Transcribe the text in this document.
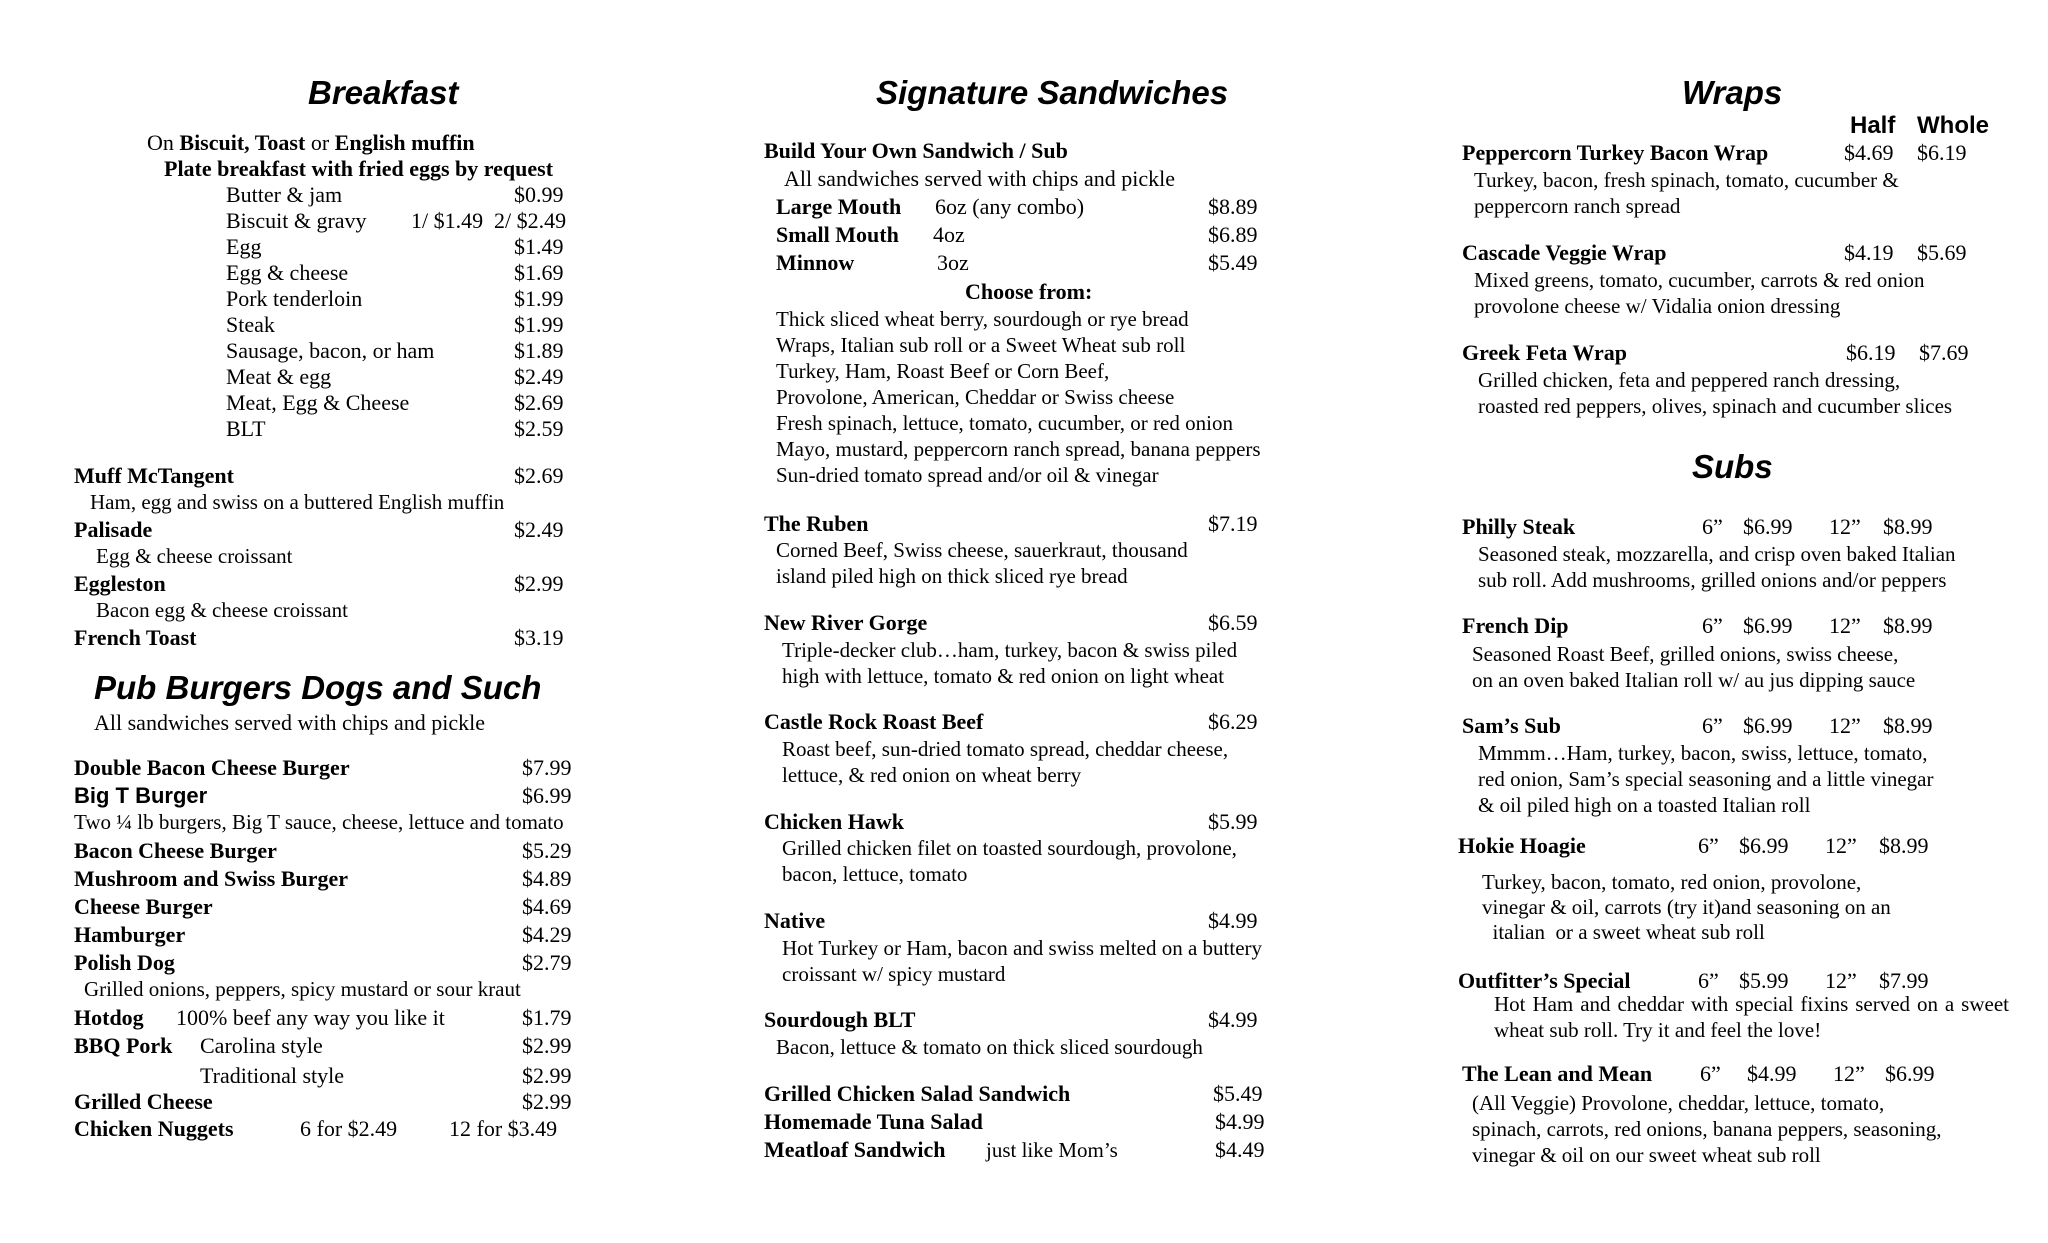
Breakfast
On Biscuit, Toast or English muffin
Plate breakfast with fried eggs by request
Butter & jam	$0.99
Biscuit & gravy 1/ $1.49 2/ $2.49
Egg	$1.49
Egg & cheese	$1.69
Pork tenderloin	$1.99
Steak	$1.99
Sausage, bacon, or ham	$1.89
Meat & egg	$2.49
Meat, Egg & Cheese	$2.69
BLT	$2.59
Muff McTangent	$2.69
Ham, egg and swiss on a buttered English muffin
Palisade	$2.49
Egg & cheese croissant
Eggleston	$2.99
Bacon egg & cheese croissant
French Toast	$3.19
Pub Burgers Dogs and Such
All sandwiches served with chips and pickle
Double Bacon Cheese Burger	$7.99
Big T Burger	$6.99
Two ¼ lb burgers, Big T sauce, cheese, lettuce and tomato
Bacon Cheese Burger	$5.29
Mushroom and Swiss Burger	$4.89
Cheese Burger	$4.69
Hamburger	$4.29
Polish Dog	$2.79
Grilled onions, peppers, spicy mustard or sour kraut
Hotdog 100% beef any way you like it	$1.79
BBQ Pork Carolina style	$2.99
Traditional style	$2.99
Grilled Cheese	$2.99
Chicken Nuggets	6 for $2.49 12 for $3.49
Signature Sandwiches
Build Your Own Sandwich / Sub
All sandwiches served with chips and pickle
Large Mouth 6oz (any combo)	$8.89
Small Mouth 4oz	$6.89
Minnow	3oz	$5.49
Choose from:
Thick sliced wheat berry, sourdough or rye bread
Wraps, Italian sub roll or a Sweet Wheat sub roll
Turkey, Ham, Roast Beef or Corn Beef,
Provolone, American, Cheddar or Swiss cheese
Fresh spinach, lettuce, tomato, cucumber, or red onion
Mayo, mustard, peppercorn ranch spread, banana peppers
Sun-dried tomato spread and/or oil & vinegar
The Ruben	$7.19
Corned Beef, Swiss cheese, sauerkraut, thousand
island piled high on thick sliced rye bread
New River Gorge	$6.59
Triple-decker club…ham, turkey, bacon & swiss piled
high with lettuce, tomato & red onion on light wheat
Castle Rock Roast Beef	$6.29
Roast beef, sun-dried tomato spread, cheddar cheese,
lettuce, & red onion on wheat berry
Chicken Hawk	$5.99
Grilled chicken filet on toasted sourdough, provolone,
bacon, lettuce, tomato
Native	$4.99
Hot Turkey or Ham, bacon and swiss melted on a buttery
croissant w/ spicy mustard
Sourdough BLT	$4.99
Bacon, lettuce & tomato on thick sliced sourdough
Grilled Chicken Salad Sandwich	$5.49
Homemade Tuna Salad	$4.99
Meatloaf Sandwich just like Mom’s	$4.49
Wraps
Half Whole
Peppercorn Turkey Bacon Wrap	$4.69 $6.19
Turkey, bacon, fresh spinach, tomato, cucumber &
peppercorn ranch spread
Cascade Veggie Wrap	$4.19 $5.69
Mixed greens, tomato, cucumber, carrots & red onion
provolone cheese w/ Vidalia onion dressing
Greek Feta Wrap	$6.19 $7.69
Grilled chicken, feta and peppered ranch dressing,
roasted red peppers, olives, spinach and cucumber slices
Subs
Philly Steak	6” $6.99 12” $8.99
Seasoned steak, mozzarella, and crisp oven baked Italian
sub roll. Add mushrooms, grilled onions and/or peppers
French Dip	6” $6.99 12” $8.99
Seasoned Roast Beef, grilled onions, swiss cheese,
on an oven baked Italian roll w/ au jus dipping sauce
Sam’s Sub	6” $6.99 12” $8.99
Mmmm…Ham, turkey, bacon, swiss, lettuce, tomato,
red onion, Sam’s special seasoning and a little vinegar
& oil piled high on a toasted Italian roll
Hokie Hoagie	6” $6.99 12” $8.99
Turkey, bacon, tomato, red onion, provolone,
vinegar & oil, carrots (try it)and seasoning on an
italian  or a sweet wheat sub roll
Outfitter’s Special	6” $5.99 12” $7.99
Hot Ham and cheddar with special fixins served on a sweet wheat sub roll. Try it and feel the love!
The Lean and Mean 6” $4.99 12” $6.99
(All Veggie) Provolone, cheddar, lettuce, tomato,
spinach, carrots, red onions, banana peppers, seasoning,
vinegar & oil on our sweet wheat sub roll
